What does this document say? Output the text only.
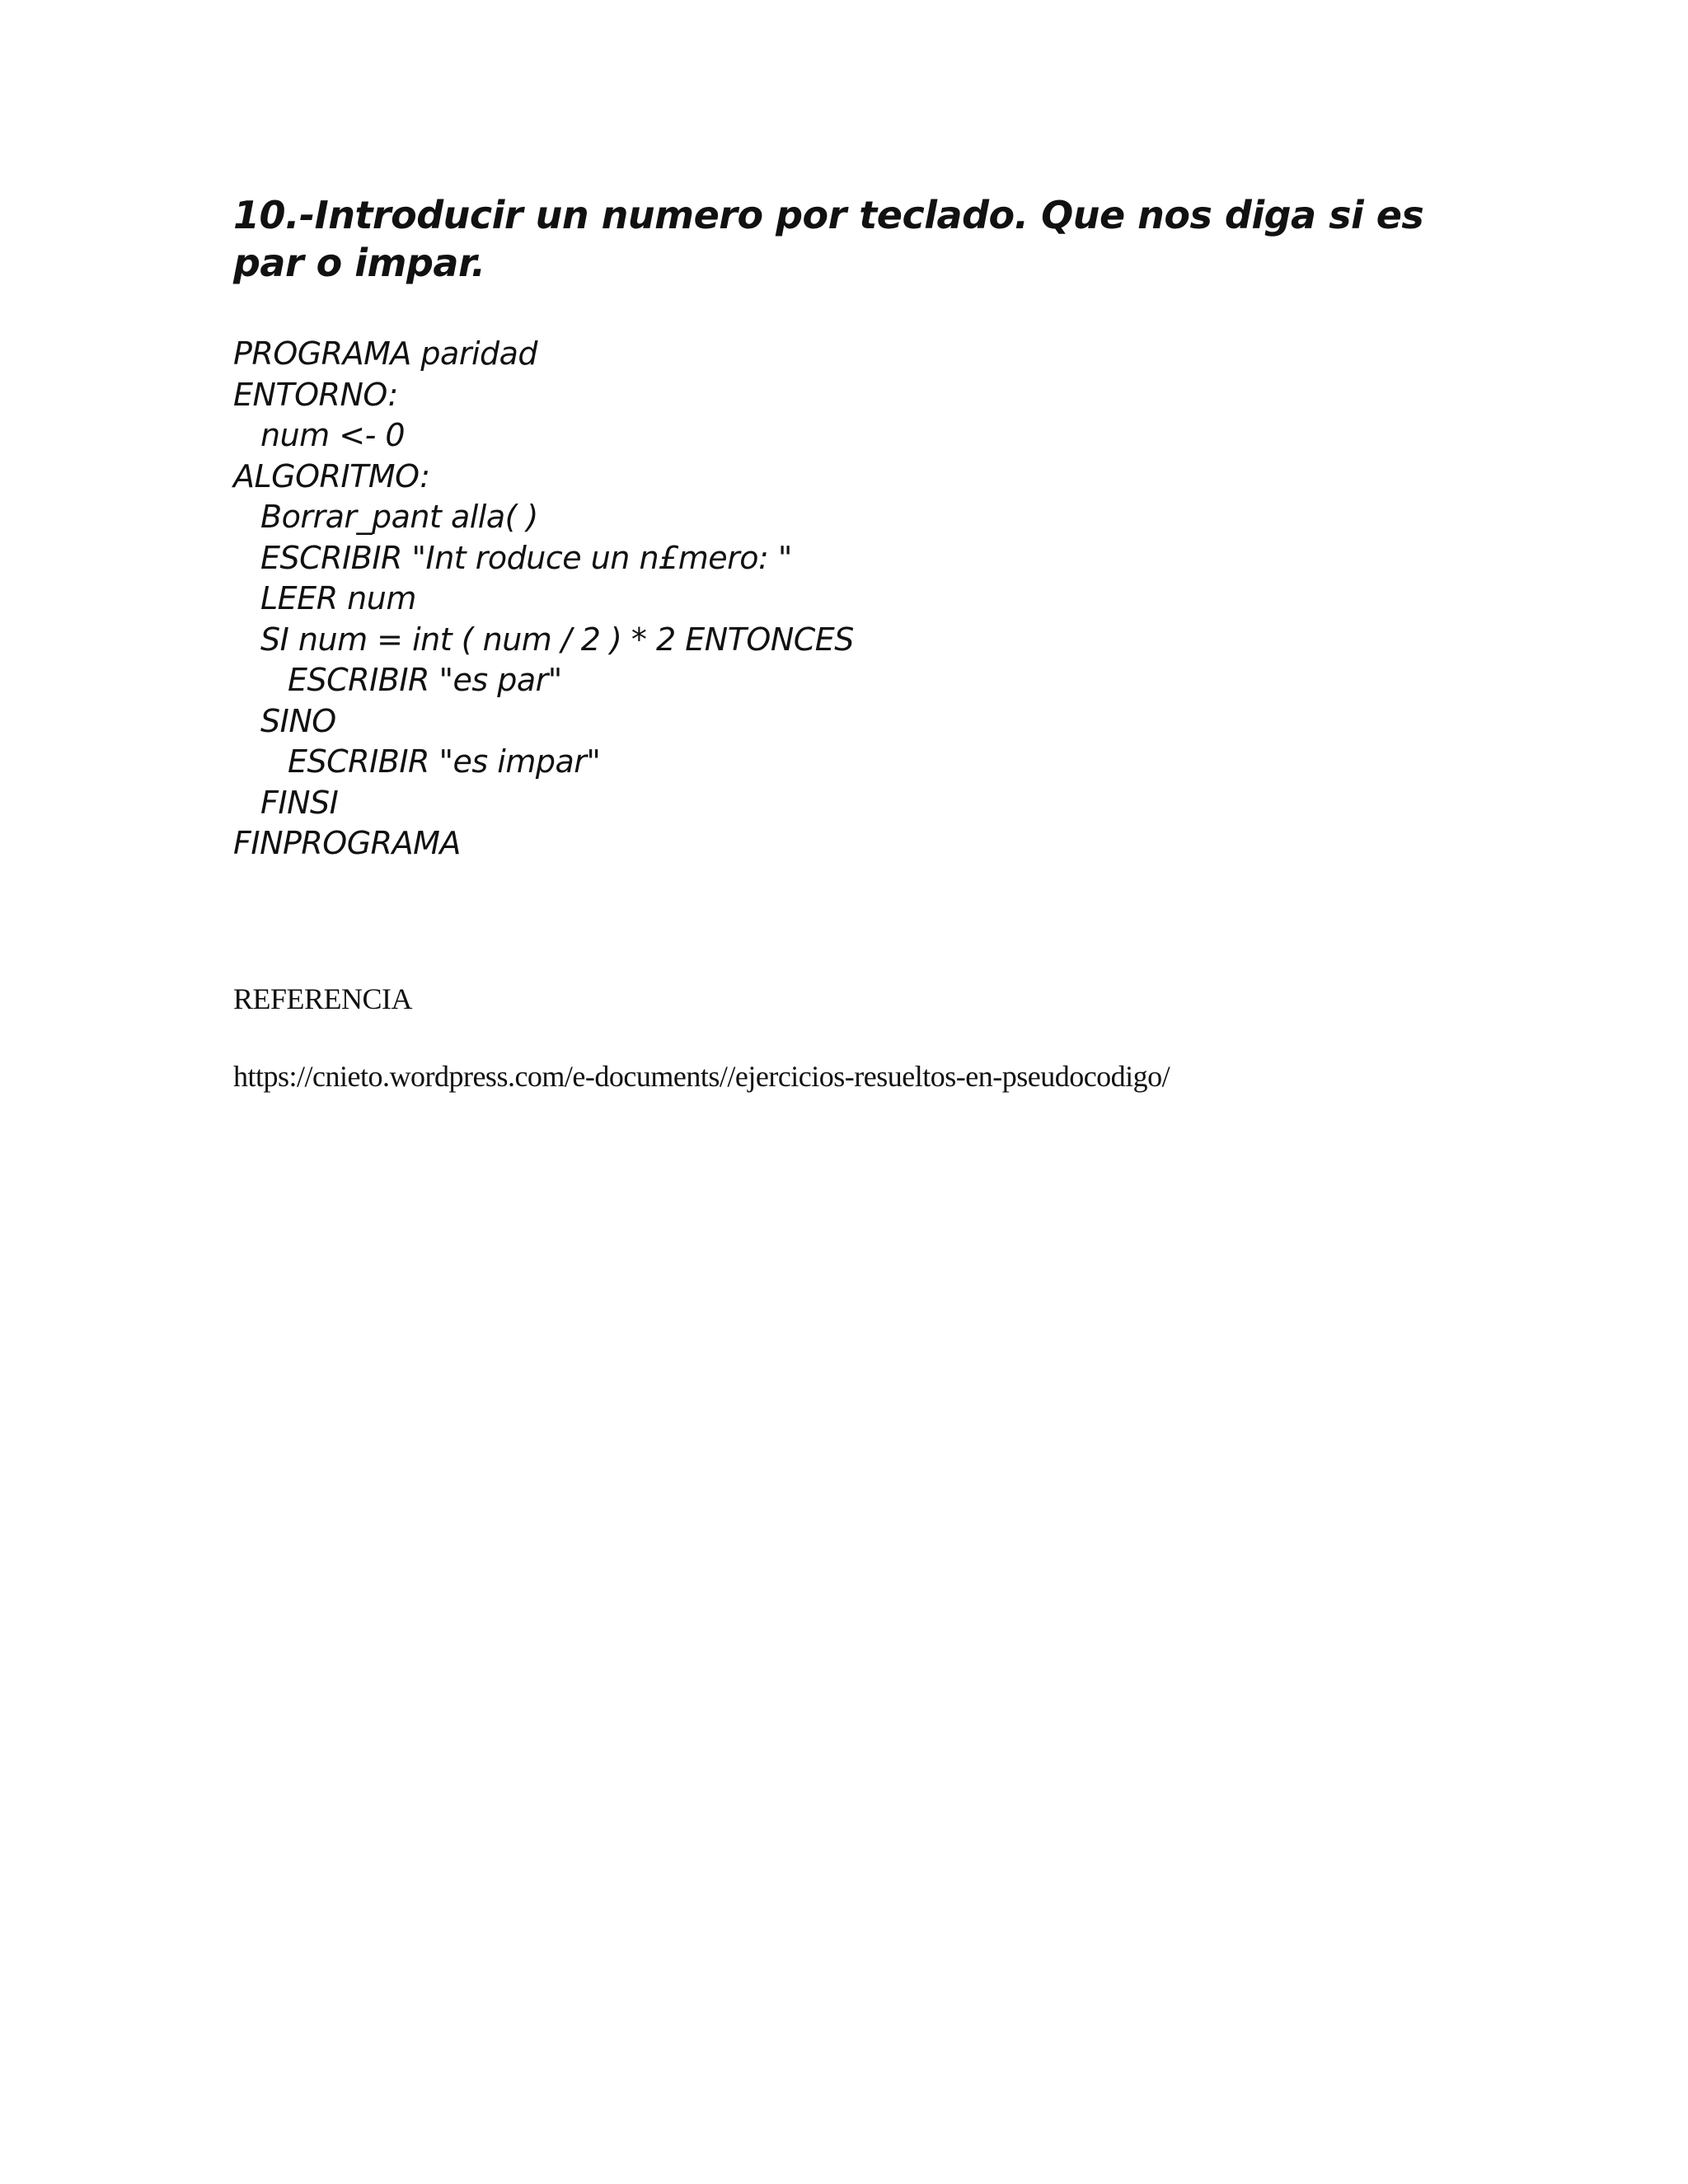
10.-Introducir un numero por teclado. Que nos diga si es par o impar.
PROGRAMA paridad
ENTORNO:
num <- 0
ALGORITMO:
Borrar_pant alla( )
ESCRIBIR "Int roduce un n£mero: "
LEER num
SI num = int ( num / 2 ) * 2 ENTONCES
ESCRIBIR "es par"
SINO
ESCRIBIR "es impar"
FINSI
FINPROGRAMA
REFERENCIA
https://cnieto.wordpress.com/e-documents//ejercicios-resueltos-en-pseudocodigo/
